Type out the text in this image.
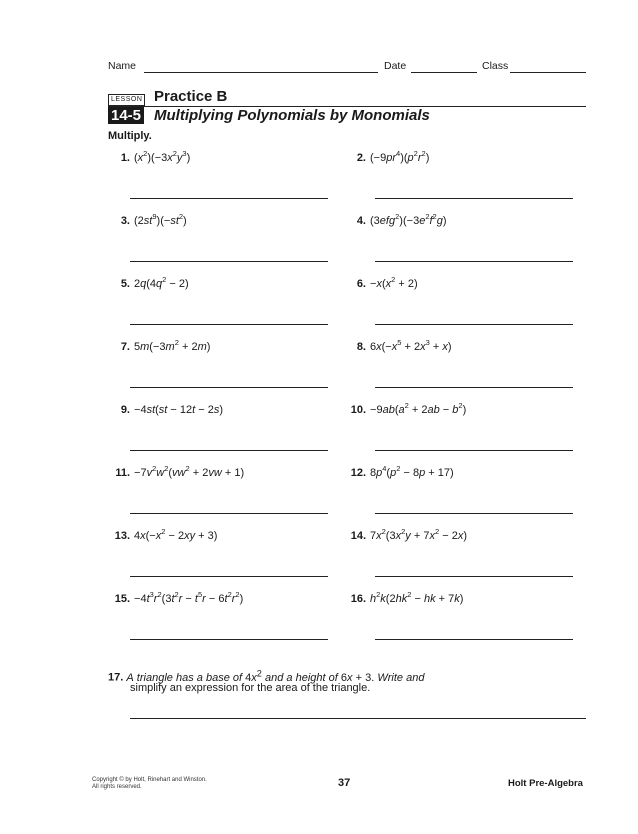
Name	Date	Class
LESSON Practice B
14-5 Multiplying Polynomials by Monomials
Multiply.
1. $(x^2)(-3x^2y^3)$	2. $(-9pr^4)(p^2r^2)$
3. $(2st^9)(-st^2)$	4. $(3efg^2)(-3e^2f^2g)$
5. $2q(4q^2 - 2)$	6. $-x(x^2 + 2)$
7. $5m(-3m^2 + 2m)$	8. $6x(-x^5 + 2x^3 + x)$
9. −4st(st − 12t − 2s)	10. $-9ab(a^2 + 2ab - b^2)$
11. $-7v^2w^2(vw^2 + 2vw + 1)$	12. $8p^4(p^2 - 8p + 17)$
13. $4x(-x^2 - 2xy + 3)$	14. $7x^2(3x^2y + 7x^2 - 2x)$
15. $-4t^3r^2(3t^2r - t^5r - 6t^2r^2)$	16. $h^2k(2hk^2$ − hk + 7k)
17. A triangle has a base of $4x^2$ and a height of 6x + 3. Write and
simplify an expression for the area of the triangle.
Copyright © by Holt, Rinehart and Winston.
All rights reserved.	37	Holt Pre-Algebra
